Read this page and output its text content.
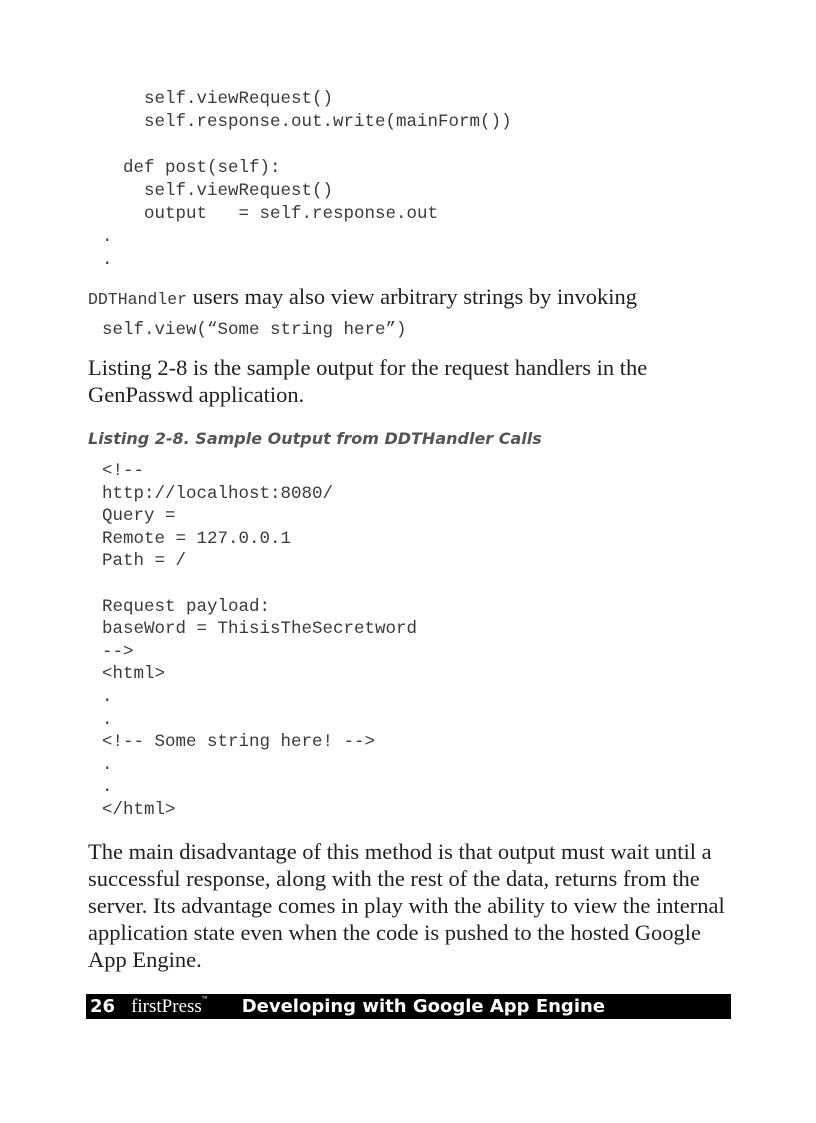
self.viewRequest()
self.response.out.write(mainForm())

def post(self):
self.viewRequest()
output   = self.response.out
.
.

DDTHandler users may also view arbitrary strings by invoking

self.view(“Some string here”)

Listing 2-8 is the sample output for the request handlers in the GenPasswd application.

Listing 2-8. Sample Output from DDTHandler Calls

<!--
http://localhost:8080/
Query =
Remote = 127.0.0.1
Path = /

Request payload:
baseWord = ThisisTheSecretword
-->
<html>
.
.
<!-- Some string here! -->
.
.
</html>

The main disadvantage of this method is that output must wait until a successful response, along with the rest of the data, returns from the server. Its advantage comes in play with the ability to view the internal application state even when the code is pushed to the hosted Google App Engine.

26 firstPress™ Developing with Google App Engine
